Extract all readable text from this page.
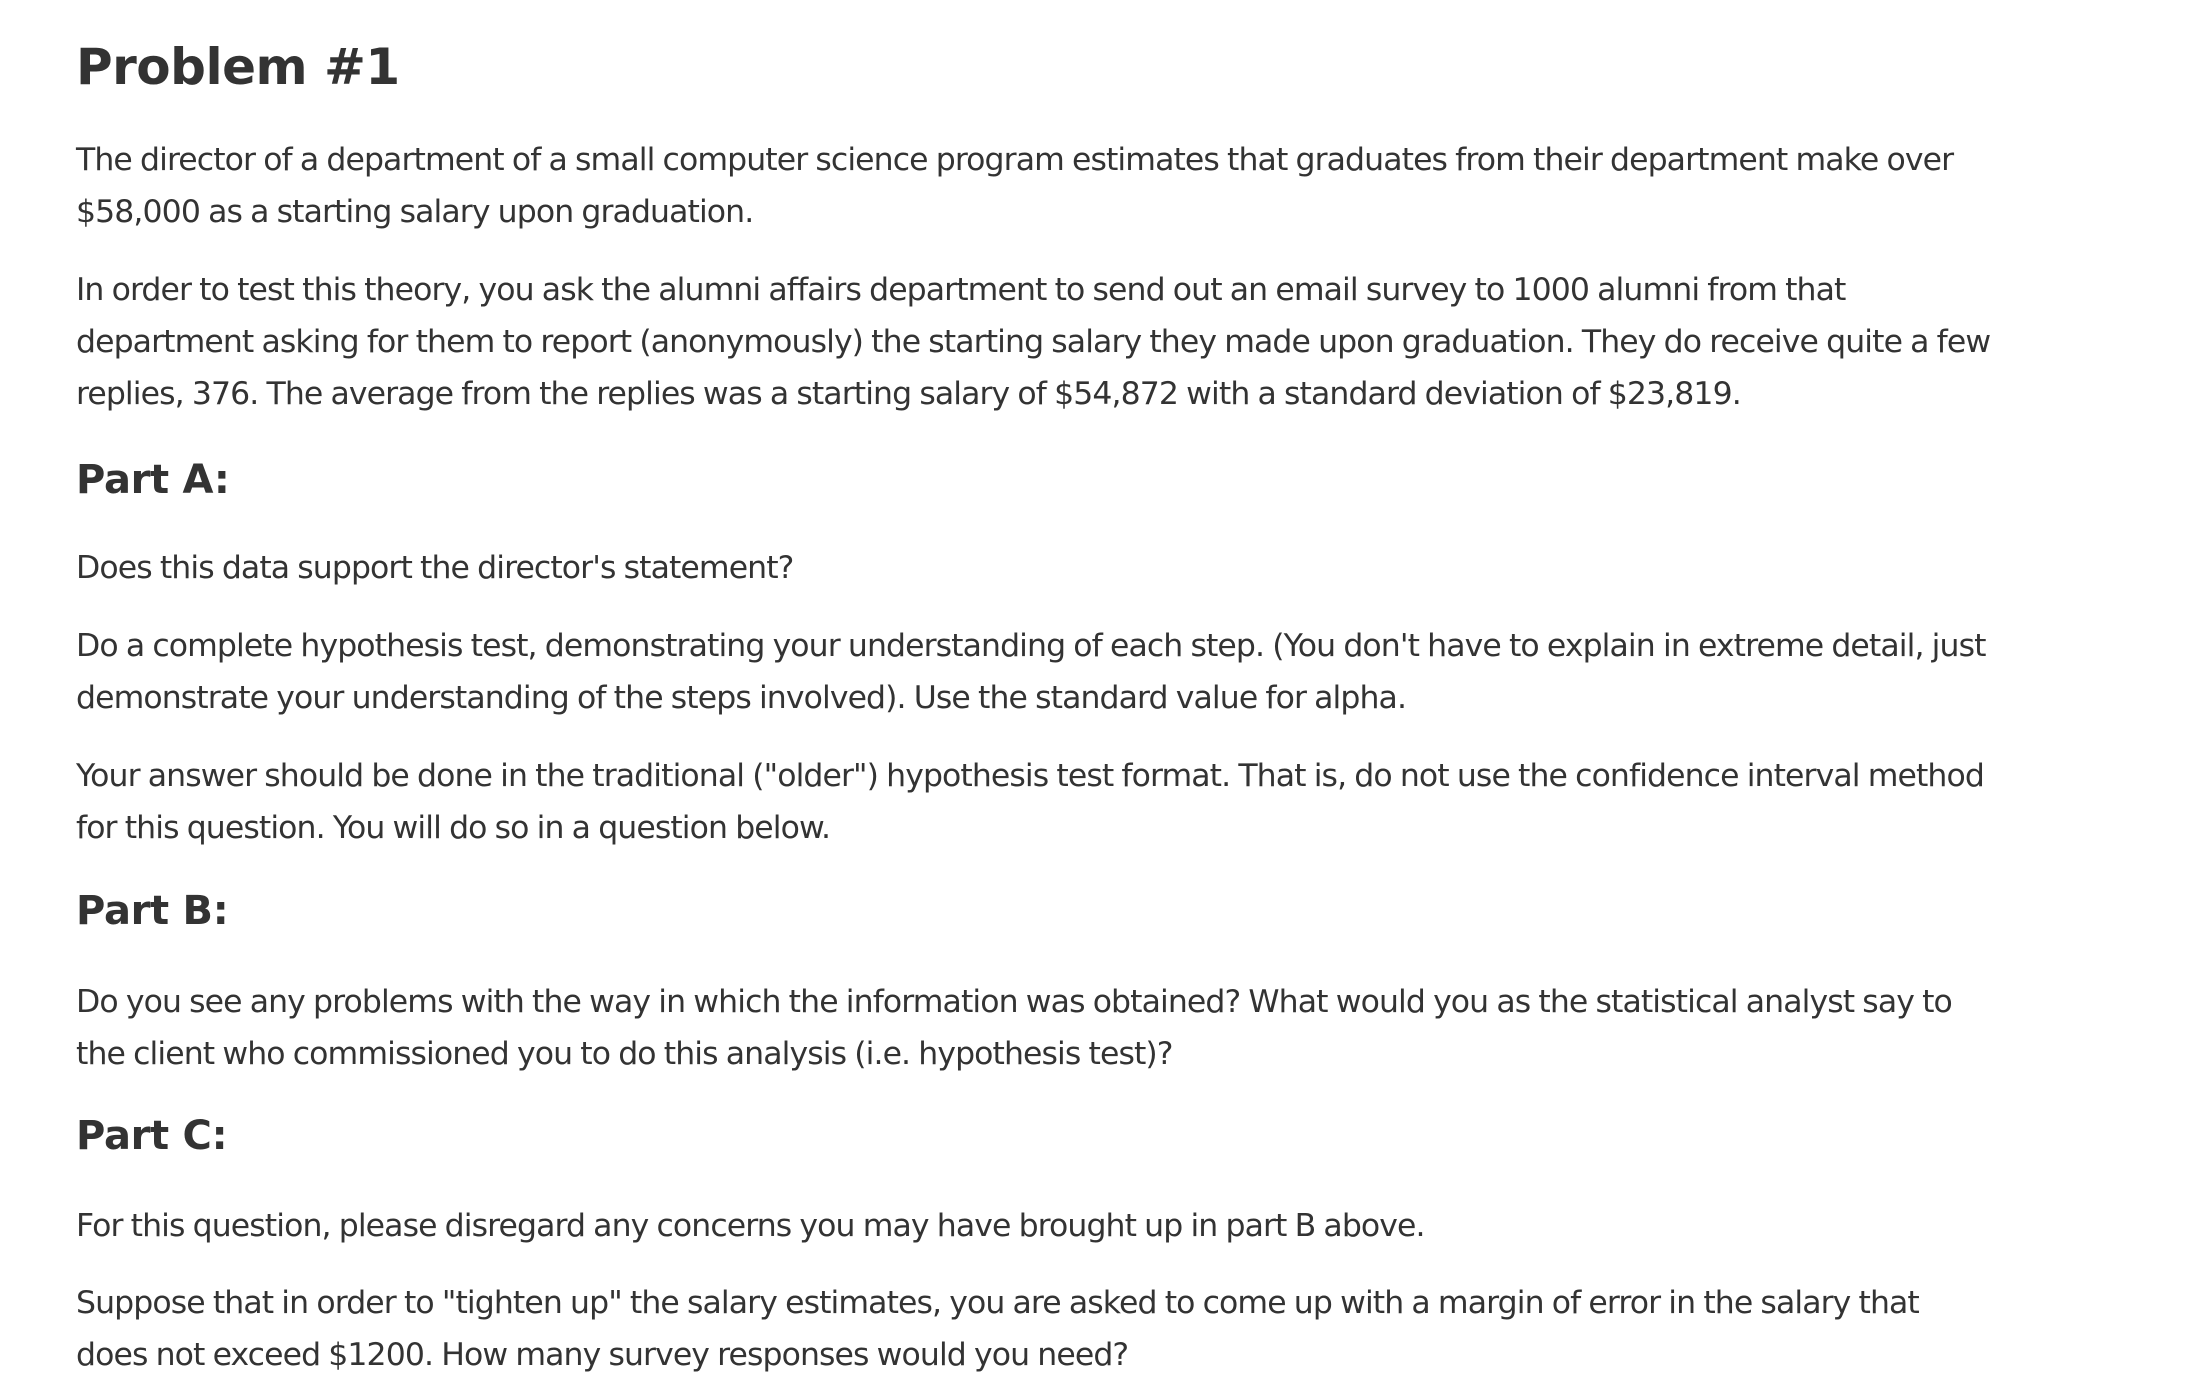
Problem #1

The director of a department of a small computer science program estimates that graduates from their department make over
$58,000 as a starting salary upon graduation.

In order to test this theory, you ask the alumni affairs department to send out an email survey to 1000 alumni from that
department asking for them to report (anonymously) the starting salary they made upon graduation. They do receive quite a few
replies, 376. The average from the replies was a starting salary of $54,872 with a standard deviation of $23,819.

Part A:

Does this data support the director's statement?

Do a complete hypothesis test, demonstrating your understanding of each step. (You don't have to explain in extreme detail, just
demonstrate your understanding of the steps involved). Use the standard value for alpha.

Your answer should be done in the traditional ("older") hypothesis test format. That is, do not use the confidence interval method
for this question. You will do so in a question below.

Part B:

Do you see any problems with the way in which the information was obtained? What would you as the statistical analyst say to
the client who commissioned you to do this analysis (i.e. hypothesis test)?

Part C:

For this question, please disregard any concerns you may have brought up in part B above.

Suppose that in order to "tighten up" the salary estimates, you are asked to come up with a margin of error in the salary that
does not exceed $1200. How many survey responses would you need?
